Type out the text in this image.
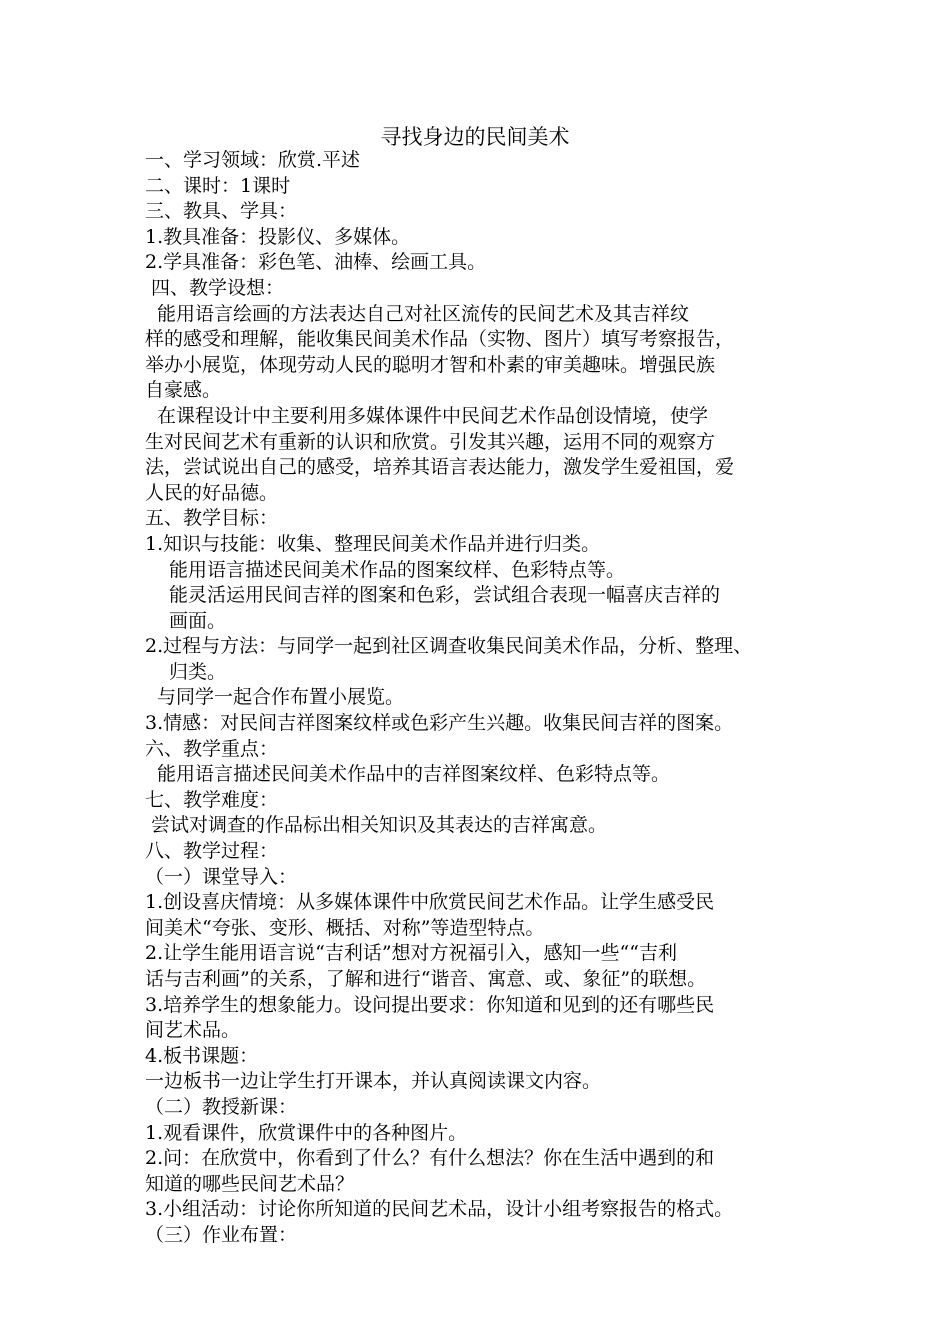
寻找身边的民间美术

一、学习领域：欣赏.平述

二、课时：1课时

三、教具、学具：

1.教具准备：投影仪、多媒体。

2.学具准备：彩色笔、油棒、绘画工具。

四、教学设想：

能用语言绘画的方法表达自己对社区流传的民间艺术及其吉祥纹

样的感受和理解，能收集民间美术作品（实物、图片）填写考察报告，

举办小展览，体现劳动人民的聪明才智和朴素的审美趣味。增强民族

自豪感。

在课程设计中主要利用多媒体课件中民间艺术作品创设情境，使学

生对民间艺术有重新的认识和欣赏。引发其兴趣，运用不同的观察方

法，尝试说出自己的感受，培养其语言表达能力，激发学生爱祖国，爱

人民的好品德。

五、教学目标：

1.知识与技能：收集、整理民间美术作品并进行归类。

能用语言描述民间美术作品的图案纹样、色彩特点等。

能灵活运用民间吉祥的图案和色彩，尝试组合表现一幅喜庆吉祥的

画面。

2.过程与方法：与同学一起到社区调查收集民间美术作品，分析、整理、

归类。

与同学一起合作布置小展览。

3.情感：对民间吉祥图案纹样或色彩产生兴趣。收集民间吉祥的图案。

六、教学重点：

能用语言描述民间美术作品中的吉祥图案纹样、色彩特点等。

七、教学难度：

尝试对调查的作品标出相关知识及其表达的吉祥寓意。

八、教学过程：

（一）课堂导入：

1.创设喜庆情境：从多媒体课件中欣赏民间艺术作品。让学生感受民

间美术“夸张、变形、概括、对称”等造型特点。

2.让学生能用语言说“吉利话”想对方祝福引入，感知一些““吉利

话与吉利画”的关系，了解和进行“谐音、寓意、或、象征”的联想。

3.培养学生的想象能力。设问提出要求：你知道和见到的还有哪些民

间艺术品。

4.板书课题：

一边板书一边让学生打开课本，并认真阅读课文内容。

（二）教授新课：

1.观看课件，欣赏课件中的各种图片。

2.问：在欣赏中，你看到了什么？有什么想法？你在生活中遇到的和

知道的哪些民间艺术品？

3.小组活动：讨论你所知道的民间艺术品，设计小组考察报告的格式。

（三）作业布置：
